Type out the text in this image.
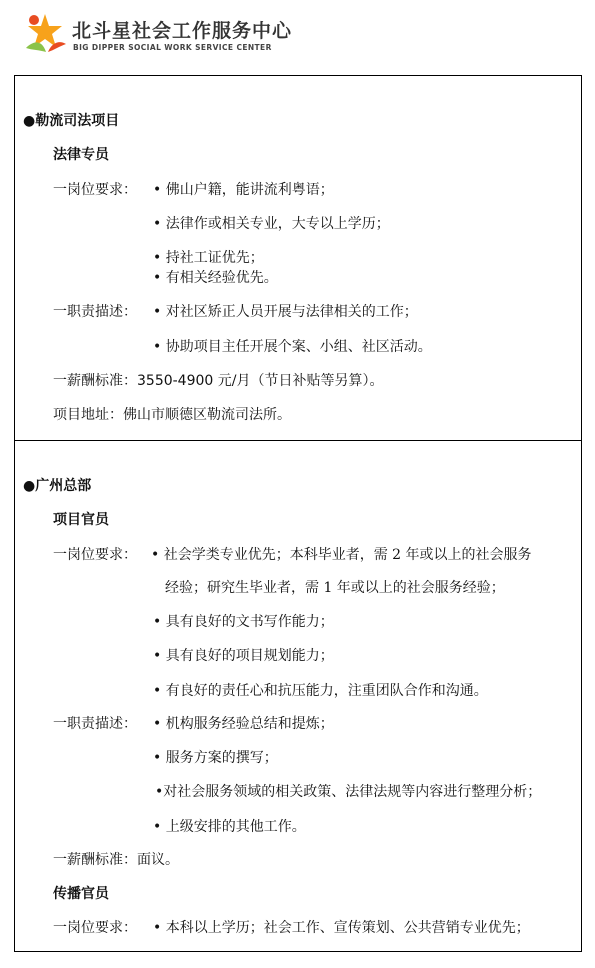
北斗星社会工作服务中心
BIG DIPPER SOCIAL WORK SERVICE CENTER
●勒流司法项目
法律专员
一岗位要求： • 佛山户籍，能讲流利粤语；
• 法律作或相关专业，大专以上学历；
• 持社工证优先；
• 有相关经验优先。
一职责描述： • 对社区矫正人员开展与法律相关的工作；
• 协助项目主任开展个案、小组、社区活动。
一薪酬标准：3550-4900 元/月（节日补贴等另算）。
项目地址：佛山市顺德区勒流司法所。
●广州总部
项目官员
一岗位要求： • 社会学类专业优先；本科毕业者，需 2 年或以上的社会服务
经验；研究生毕业者，需 1 年或以上的社会服务经验；
• 具有良好的文书写作能力；
• 具有良好的项目规划能力；
• 有良好的责任心和抗压能力，注重团队合作和沟通。
一职责描述： • 机构服务经验总结和提炼；
• 服务方案的撰写；
•对社会服务领域的相关政策、法律法规等内容进行整理分析；
• 上级安排的其他工作。
一薪酬标准：面议。
传播官员
一岗位要求： • 本科以上学历；社会工作、宣传策划、公共营销专业优先；
